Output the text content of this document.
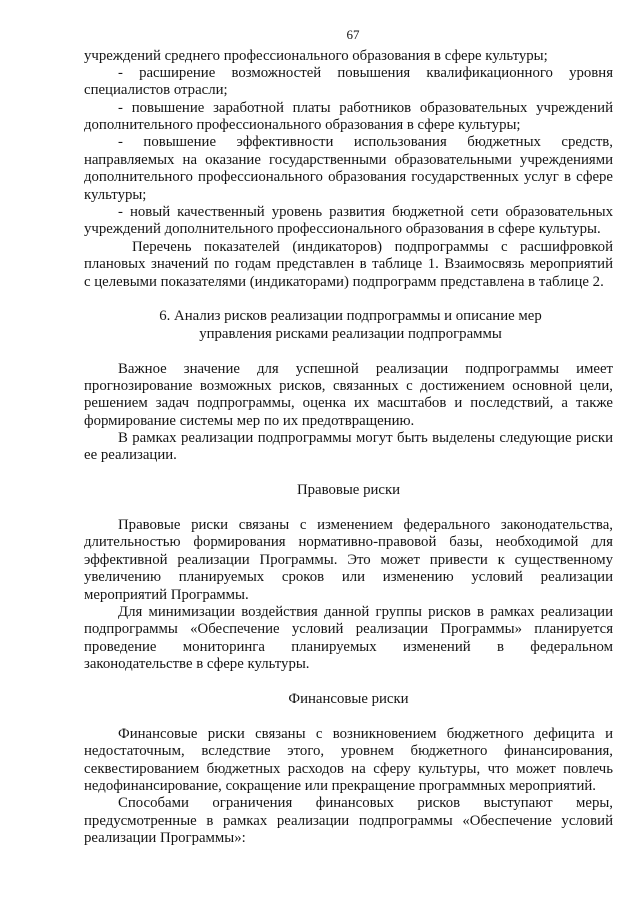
67
учреждений среднего профессионального образования в сфере культуры;
- расширение возможностей повышения квалификационного уровня
специалистов отрасли;
- повышение заработной платы работников образовательных учреждений
дополнительного профессионального образования в сфере культуры;
- повышение эффективности использования бюджетных средств,
направляемых на оказание государственными образовательными учреждениями
дополнительного профессионального образования государственных услуг в сфере
культуры;
- новый качественный уровень развития бюджетной сети образовательных
учреждений дополнительного профессионального образования в сфере культуры.
Перечень показателей (индикаторов) подпрограммы с расшифровкой
плановых значений по годам представлен в таблице 1. Взаимосвязь мероприятий
с целевыми показателями (индикаторами) подпрограмм представлена в таблице 2.
6. Анализ рисков реализации подпрограммы и описание мер
управления рисками реализации подпрограммы
Важное значение для успешной реализации подпрограммы имеет
прогнозирование возможных рисков, связанных с достижением основной цели,
решением задач подпрограммы, оценка их масштабов и последствий, а также
формирование системы мер по их предотвращению.
В рамках реализации подпрограммы могут быть выделены следующие риски
ее реализации.
Правовые риски
Правовые риски связаны с изменением федерального законодательства,
длительностью формирования нормативно-правовой базы, необходимой для
эффективной реализации Программы. Это может привести к существенному
увеличению планируемых сроков или изменению условий реализации
мероприятий Программы.
Для минимизации воздействия данной группы рисков в рамках реализации
подпрограммы «Обеспечение условий реализации Программы» планируется
проведение мониторинга планируемых изменений в федеральном
законодательстве в сфере культуры.
Финансовые риски
Финансовые риски связаны с возникновением бюджетного дефицита и
недостаточным, вследствие этого, уровнем бюджетного финансирования,
секвестированием бюджетных расходов на сферу культуры, что может повлечь
недофинансирование, сокращение или прекращение программных мероприятий.
Способами ограничения финансовых рисков выступают меры,
предусмотренные в рамках реализации подпрограммы «Обеспечение условий
реализации Программы»:
